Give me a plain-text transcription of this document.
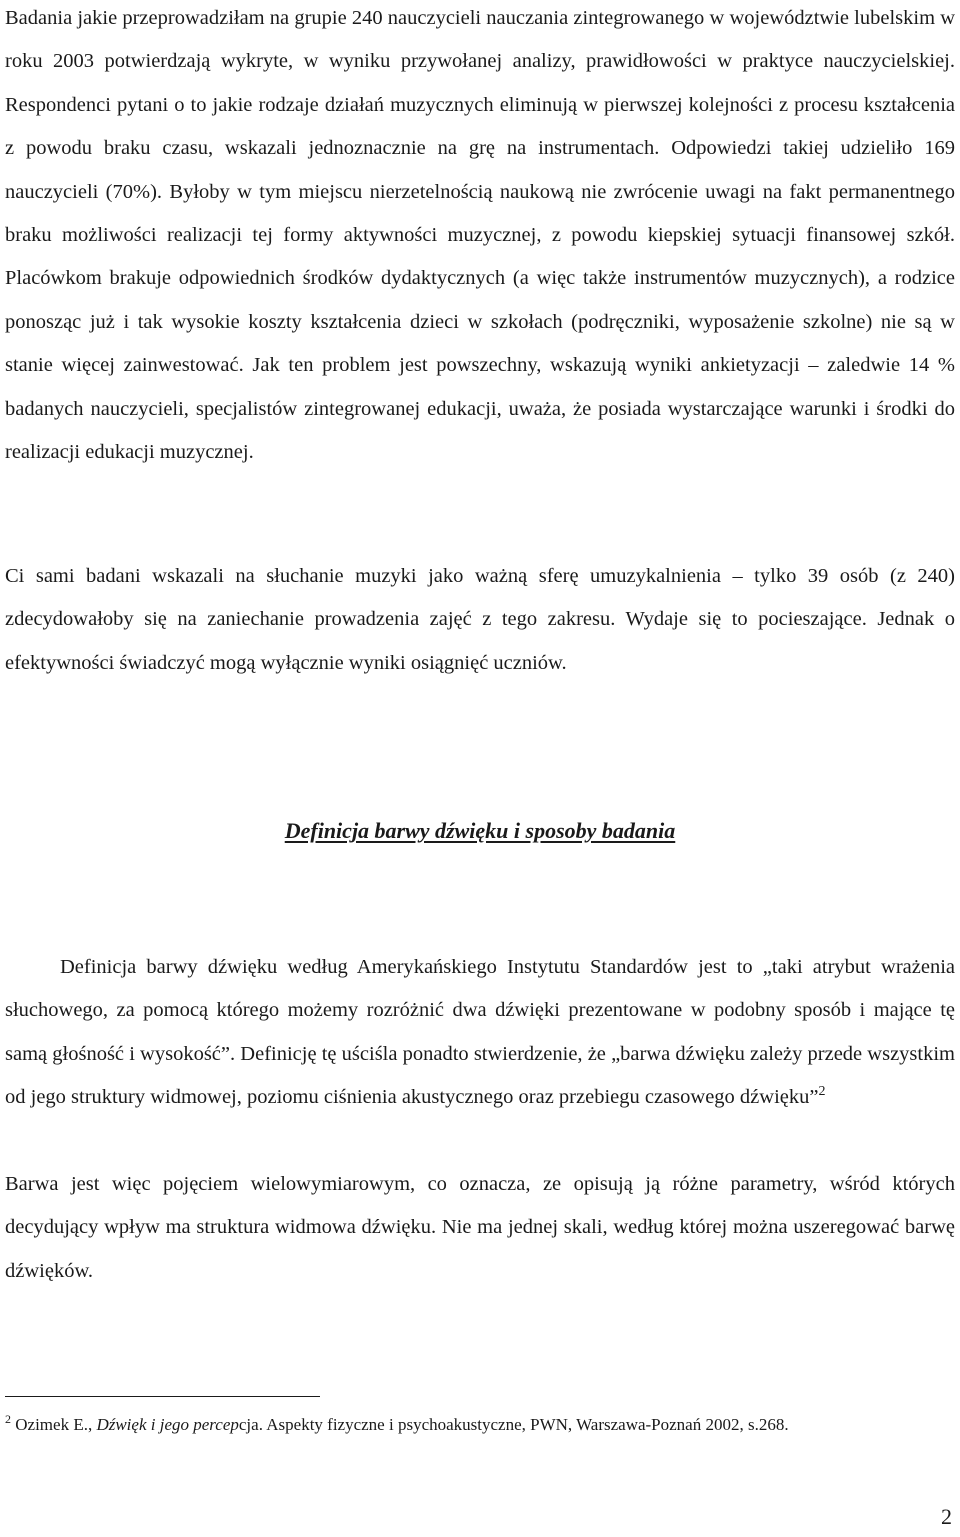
Badania jakie przeprowadziłam na grupie 240 nauczycieli nauczania zintegrowanego w województwie lubelskim w roku 2003 potwierdzają wykryte, w wyniku przywołanej analizy, prawidłowości w praktyce nauczycielskiej. Respondenci pytani o to jakie rodzaje działań muzycznych eliminują w pierwszej kolejności z procesu kształcenia z powodu braku czasu, wskazali jednoznacznie na grę na instrumentach. Odpowiedzi takiej udzieliło 169 nauczycieli (70%). Byłoby w tym miejscu nierzetelnością naukową nie zwrócenie uwagi na fakt permanentnego braku możliwości realizacji tej formy aktywności muzycznej, z powodu kiepskiej sytuacji finansowej szkół. Placówkom brakuje odpowiednich środków dydaktycznych (a więc także instrumentów muzycznych), a rodzice ponosząc już i tak wysokie koszty kształcenia dzieci w szkołach (podręczniki, wyposażenie szkolne) nie są w stanie więcej zainwestować. Jak ten problem jest powszechny, wskazują wyniki ankietyzacji – zaledwie 14 % badanych nauczycieli, specjalistów zintegrowanej edukacji, uważa, że posiada wystarczające warunki i środki do realizacji edukacji muzycznej.

Ci sami badani wskazali na słuchanie muzyki jako ważną sferę umuzykalnienia – tylko 39 osób (z 240) zdecydowałoby się na zaniechanie prowadzenia zajęć z tego zakresu. Wydaje się to pocieszające. Jednak o efektywności świadczyć mogą wyłącznie wyniki osiągnięć uczniów.

Definicja barwy dźwięku i sposoby badania

Definicja barwy dźwięku według Amerykańskiego Instytutu Standardów jest to „taki atrybut wrażenia słuchowego, za pomocą którego możemy rozróżnić dwa dźwięki prezentowane w podobny sposób i mające tę samą głośność i wysokość”. Definicję tę uściśla ponadto stwierdzenie, że „barwa dźwięku zależy przede wszystkim od jego struktury widmowej, poziomu ciśnienia akustycznego oraz przebiegu czasowego dźwięku”$^2$

Barwa jest więc pojęciem wielowymiarowym, co oznacza, ze opisują ją różne parametry, wśród których decydujący wpływ ma struktura widmowa dźwięku. Nie ma jednej skali, według której można uszeregować barwę dźwięków.

$^2$ Ozimek E., Dźwięk i jego percepcja. Aspekty fizyczne i psychoakustyczne, PWN, Warszawa-Poznań 2002, s.268.

2
